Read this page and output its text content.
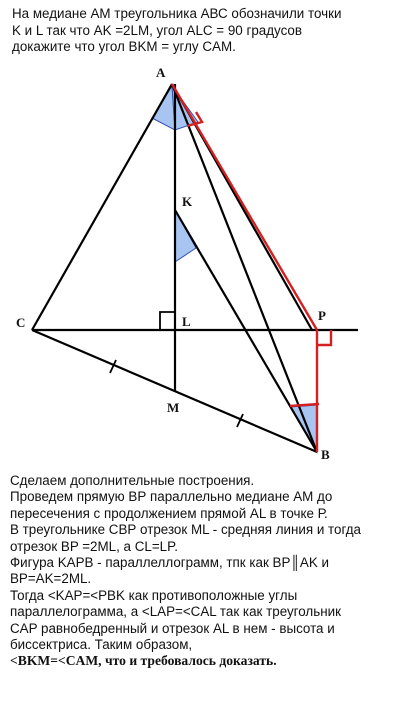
На медиане АМ треугольника АВС обозначили точки
K и L так что AK =2LM, угол ALC = 90 градусов
докажите что угол BKM = углу CAM.
A
K
C	L	P
M
B
Сделаем дополнительные построения.
Проведем прямую ВР параллельно медиане АМ до
пересечения с продолжением прямой AL в точке Р.
В треугольнике СВР отрезок ML - средняя линия и тогда
отрезок BP =2ML, а CL=LP.
Фигура KAPB - параллеллограмм, тпк как BP║AK и
BP=AK=2ML.
Тогда <KAP=<PBK как противоположные углы
параллелограмма, а <LAP=<CAL так как треугольник
CAP равнобедренный и отрезок AL в нем - высота и
биссектриса. Таким образом,
<BKM=<CAM, что и требовалось доказать.
